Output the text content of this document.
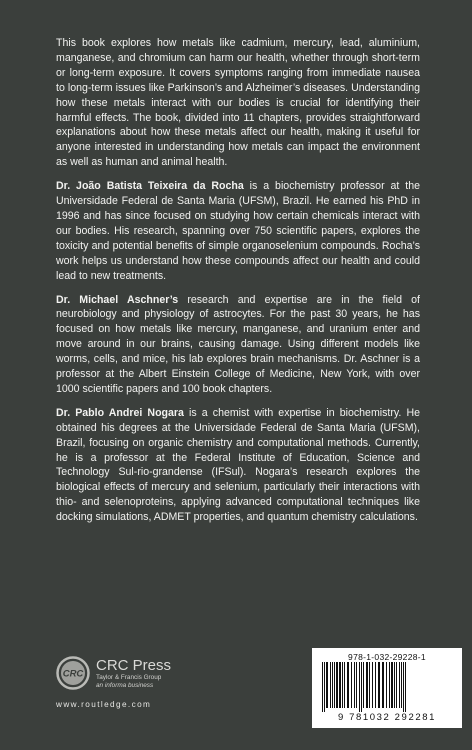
This book explores how metals like cadmium, mercury, lead, aluminium, manganese, and chromium can harm our health, whether through short-term or long-term exposure. It covers symptoms ranging from immediate nausea to long-term issues like Parkinson’s and Alzheimer’s diseases. Understanding how these metals interact with our bodies is crucial for identifying their harmful effects. The book, divided into 11 chapters, provides straightforward explanations about how these metals affect our health, making it useful for anyone interested in understanding how metals can impact the environment as well as human and animal health.

Dr. João Batista Teixeira da Rocha is a biochemistry professor at the Universidade Federal de Santa Maria (UFSM), Brazil. He earned his PhD in 1996 and has since focused on studying how certain chemicals interact with our bodies. His research, spanning over 750 scientific papers, explores the toxicity and potential benefits of simple organoselenium compounds. Rocha’s work helps us understand how these compounds affect our health and could lead to new treatments.

Dr. Michael Aschner’s research and expertise are in the field of neurobiology and physiology of astrocytes. For the past 30 years, he has focused on how metals like mercury, manganese, and uranium enter and move around in our brains, causing damage. Using different models like worms, cells, and mice, his lab explores brain mechanisms. Dr. Aschner is a professor at the Albert Einstein College of Medicine, New York, with over 1000 scientific papers and 100 book chapters.

Dr. Pablo Andrei Nogara is a chemist with expertise in biochemistry. He obtained his degrees at the Universidade Federal de Santa Maria (UFSM), Brazil, focusing on organic chemistry and computational methods. Currently, he is a professor at the Federal Institute of Education, Science and Technology Sul-rio-grandense (IFSul). Nogara’s research explores the biological effects of mercury and selenium, particularly their interactions with thio- and selenoproteins, applying advanced computational techniques like docking simulations, ADMET properties, and quantum chemistry calculations.

CRC CRC Press
Taylor & Francis Group
an informa business
www.routledge.com
978-1-032-29228-1
9 781032 292281
